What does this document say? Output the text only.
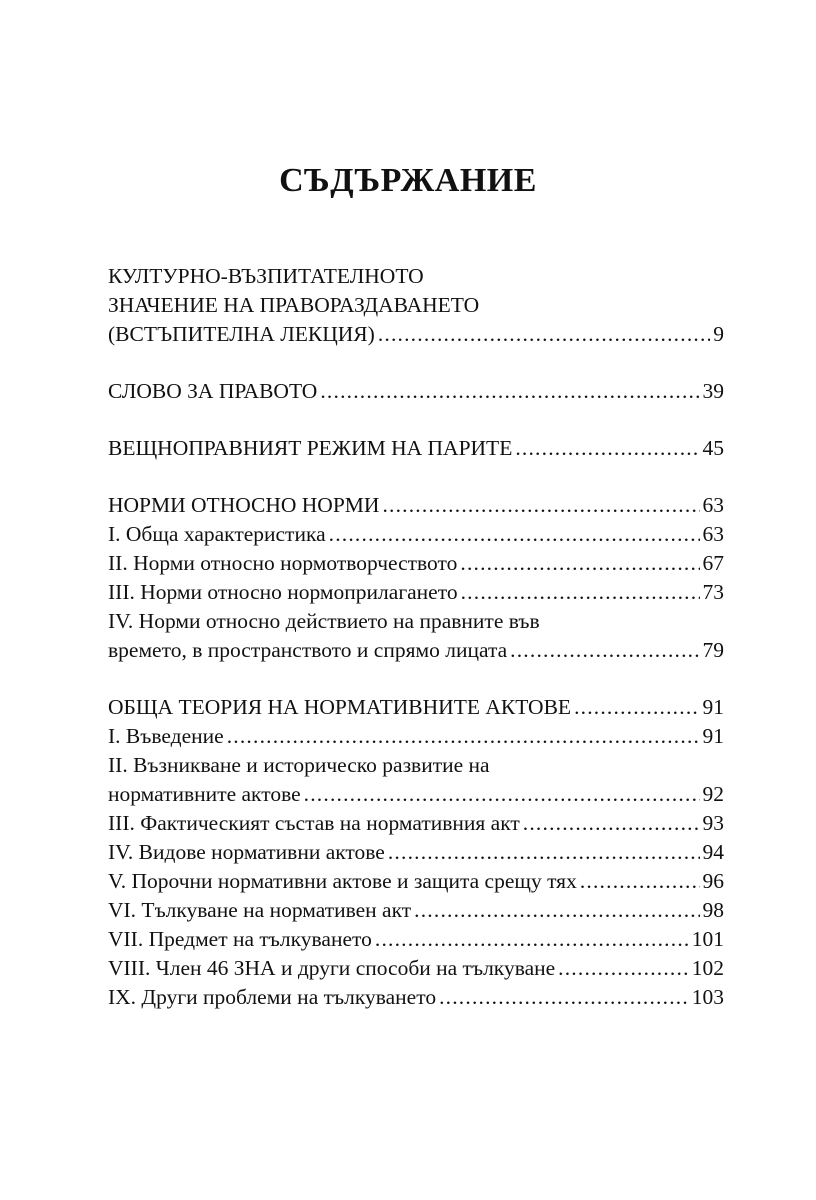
СЪДЪРЖАНИЕ
КУЛТУРНО-ВЪЗПИТАТЕЛНОТО
ЗНАЧЕНИЕ НА ПРАВОРАЗДАВАНЕТО
(ВСТЪПИТЕЛНА ЛЕКЦИЯ) .....	9
СЛОВО ЗА ПРАВОТО .....	39
ВЕЩНОПРАВНИЯТ РЕЖИМ НА ПАРИТЕ .....	45
НОРМИ ОТНОСНО НОРМИ .....	63
I. Обща характеристика .....	63
II. Норми относно нормотворчеството .....	67
III. Норми относно нормоприлагането .....	73
IV. Норми относно действието на правните във
времето, в пространството и спрямо лицата .....	79
ОБЩА ТЕОРИЯ НА НОРМАТИВНИТЕ АКТОВЕ .....	91
I. Въведение .....	91
II. Възникване и историческо развитие на
нормативните актове .....	92
III. Фактическият състав на нормативния акт .....	93
IV. Видове нормативни актове .....	94
V. Порочни нормативни актове и защита срещу тях .....	96
VI. Тълкуване на нормативен акт .....	98
VII. Предмет на тълкуването .....	101
VIII. Член 46 ЗНА и други способи на тълкуване .....	102
IX. Други проблеми на тълкуването .....	103
